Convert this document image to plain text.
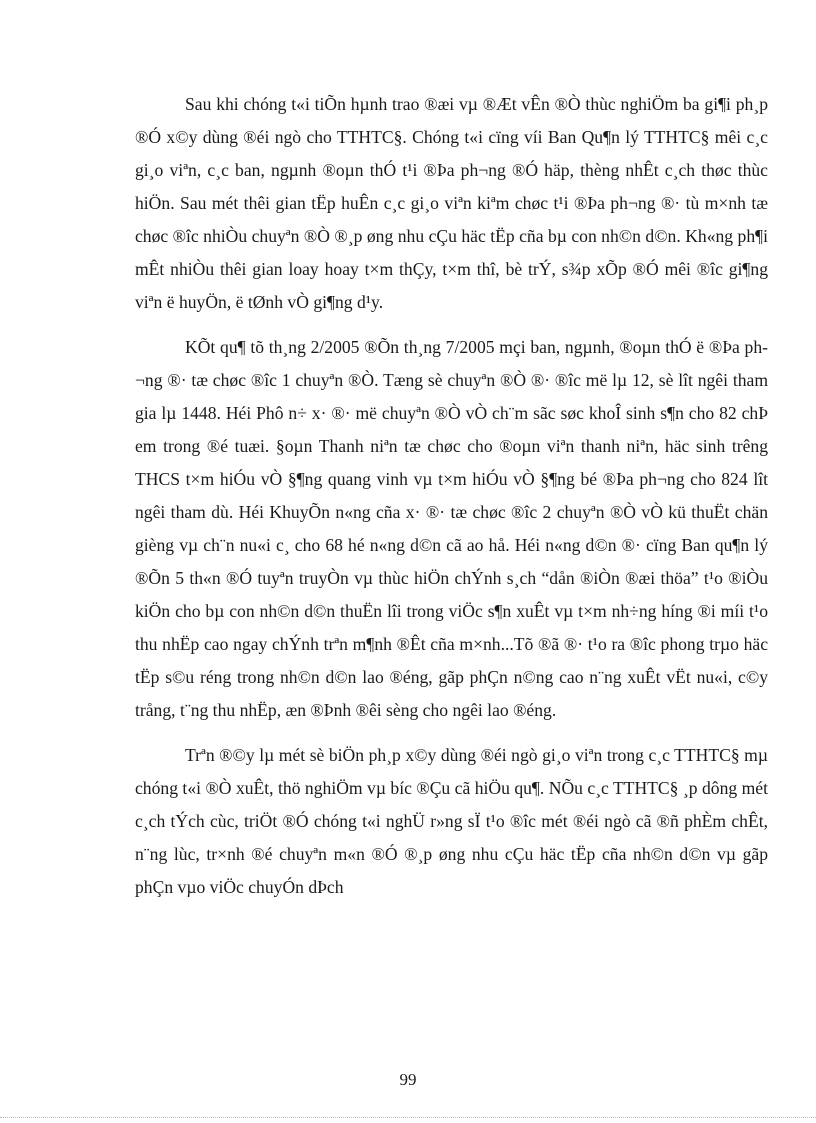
Sau khi chóng t«i tiÕn hµnh trao ®æi vµ ®Æt vÊn ®Ò thùc nghiÖm ba gi¶i ph¸p ®Ó x©y dùng ®éi ngò cho TTHTC§. Chóng t«i cïng víi Ban Qu¶n lý TTHTC§ mêi c¸c gi¸o viªn, c¸c ban, ngµnh ®oµn thÓ t¹i ®Þa ph¬ng ®Ó häp, thèng nhÊt c¸ch thøc thùc hiÖn. Sau mét thêi gian tËp huÊn c¸c gi¸o viªn kiªm chøc t¹i ®Þa ph¬ng ®· tù m×nh tæ chøc ®îc nhiÒu chuyªn ®Ò ®¸p øng nhu cÇu häc tËp cña bµ con nh©n d©n. Kh«ng ph¶i mÊt nhiÒu thêi gian loay hoay t×m thÇy, t×m thî, bè trÝ, s¾p xÕp ®Ó mêi ®îc gi¶ng viªn ë huyÖn, ë tØnh vÒ gi¶ng d¹y.

KÕt qu¶ tõ th¸ng 2/2005 ®Õn th¸ng 7/2005 mçi ban, ngµnh, ®oµn thÓ ë ®Þa ph¬ng ®· tæ chøc ®îc 1 chuyªn ®Ò. Tæng sè chuyªn ®Ò ®· ®îc më lµ 12, sè lît ngêi tham gia lµ 1448. Héi Phô n÷ x· ®· më chuyªn ®Ò vÒ ch¨m sãc søc khoÎ sinh s¶n cho 82 chÞ em trong ®é tuæi. §oµn Thanh niªn tæ chøc cho ®oµn viªn thanh niªn, häc sinh trêng THCS t×m hiÓu vÒ §¶ng quang vinh vµ t×m hiÓu vÒ §¶ng bé ®Þa ph¬ng cho 824 lît ngêi tham dù. Héi KhuyÕn n«ng cña x· ®· tæ chøc ®îc 2 chuyªn ®Ò vÒ kü thuËt chän gièng vµ ch¨n nu«i c¸ cho 68 hé n«ng d©n cã ao hå. Héi n«ng d©n ®· cïng Ban qu¶n lý ®Õn 5 th«n ®Ó tuyªn truyÒn vµ thùc hiÖn chÝnh s¸ch “dån ®iÒn ®æi thöa” t¹o ®iÒu kiÖn cho bµ con nh©n d©n thuËn lîi trong viÖc s¶n xuÊt vµ t×m nh÷ng híng ®i míi t¹o thu nhËp cao ngay chÝnh trªn m¶nh ®Êt cña m×nh...Tõ ®ã ®· t¹o ra ®îc phong trµo häc tËp s©u réng trong nh©n d©n lao ®éng, gãp phÇn n©ng cao n¨ng xuÊt vËt nu«i, c©y trång, t¨ng thu nhËp, æn ®Þnh ®êi sèng cho ngêi lao ®éng.

Trªn ®©y lµ mét sè biÖn ph¸p x©y dùng ®éi ngò gi¸o viªn trong c¸c TTHTC§ mµ chóng t«i ®Ò xuÊt, thö nghiÖm vµ bíc ®Çu cã hiÖu qu¶. NÕu c¸c TTHTC§ ¸p dông mét c¸ch tÝch cùc, triÖt ®Ó chóng t«i nghÜ r»ng sÏ t¹o ®îc mét ®éi ngò cã ®ñ phÈm chÊt, n¨ng lùc, tr×nh ®é chuyªn m«n ®Ó ®¸p øng nhu cÇu häc tËp cña nh©n d©n vµ gãp phÇn vµo viÖc chuyÓn dÞch

99
